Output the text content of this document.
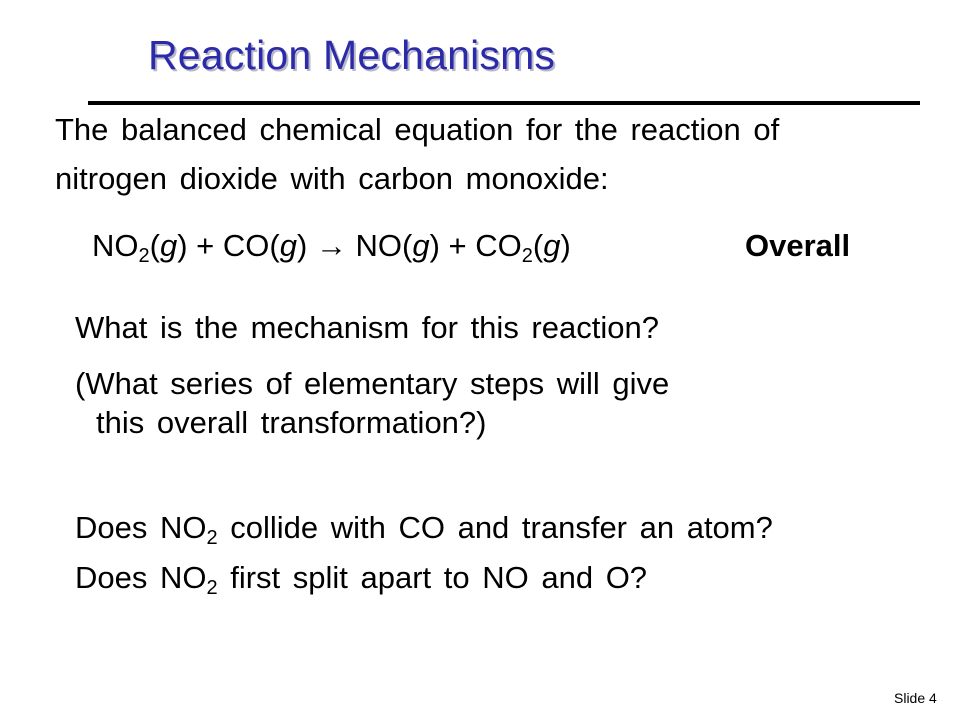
Reaction Mechanisms
The balanced chemical equation for the reaction of
nitrogen dioxide with carbon monoxide:
$NO_2(g) + CO(g) \to NO(g) + CO_2(g)$	Overall
What is the mechanism for this reaction?
(What series of elementary steps will give
this overall transformation?)
Does $NO_2$ collide with CO and transfer an atom?
Does $NO_2$ first split apart to NO and O?
Slide 4
